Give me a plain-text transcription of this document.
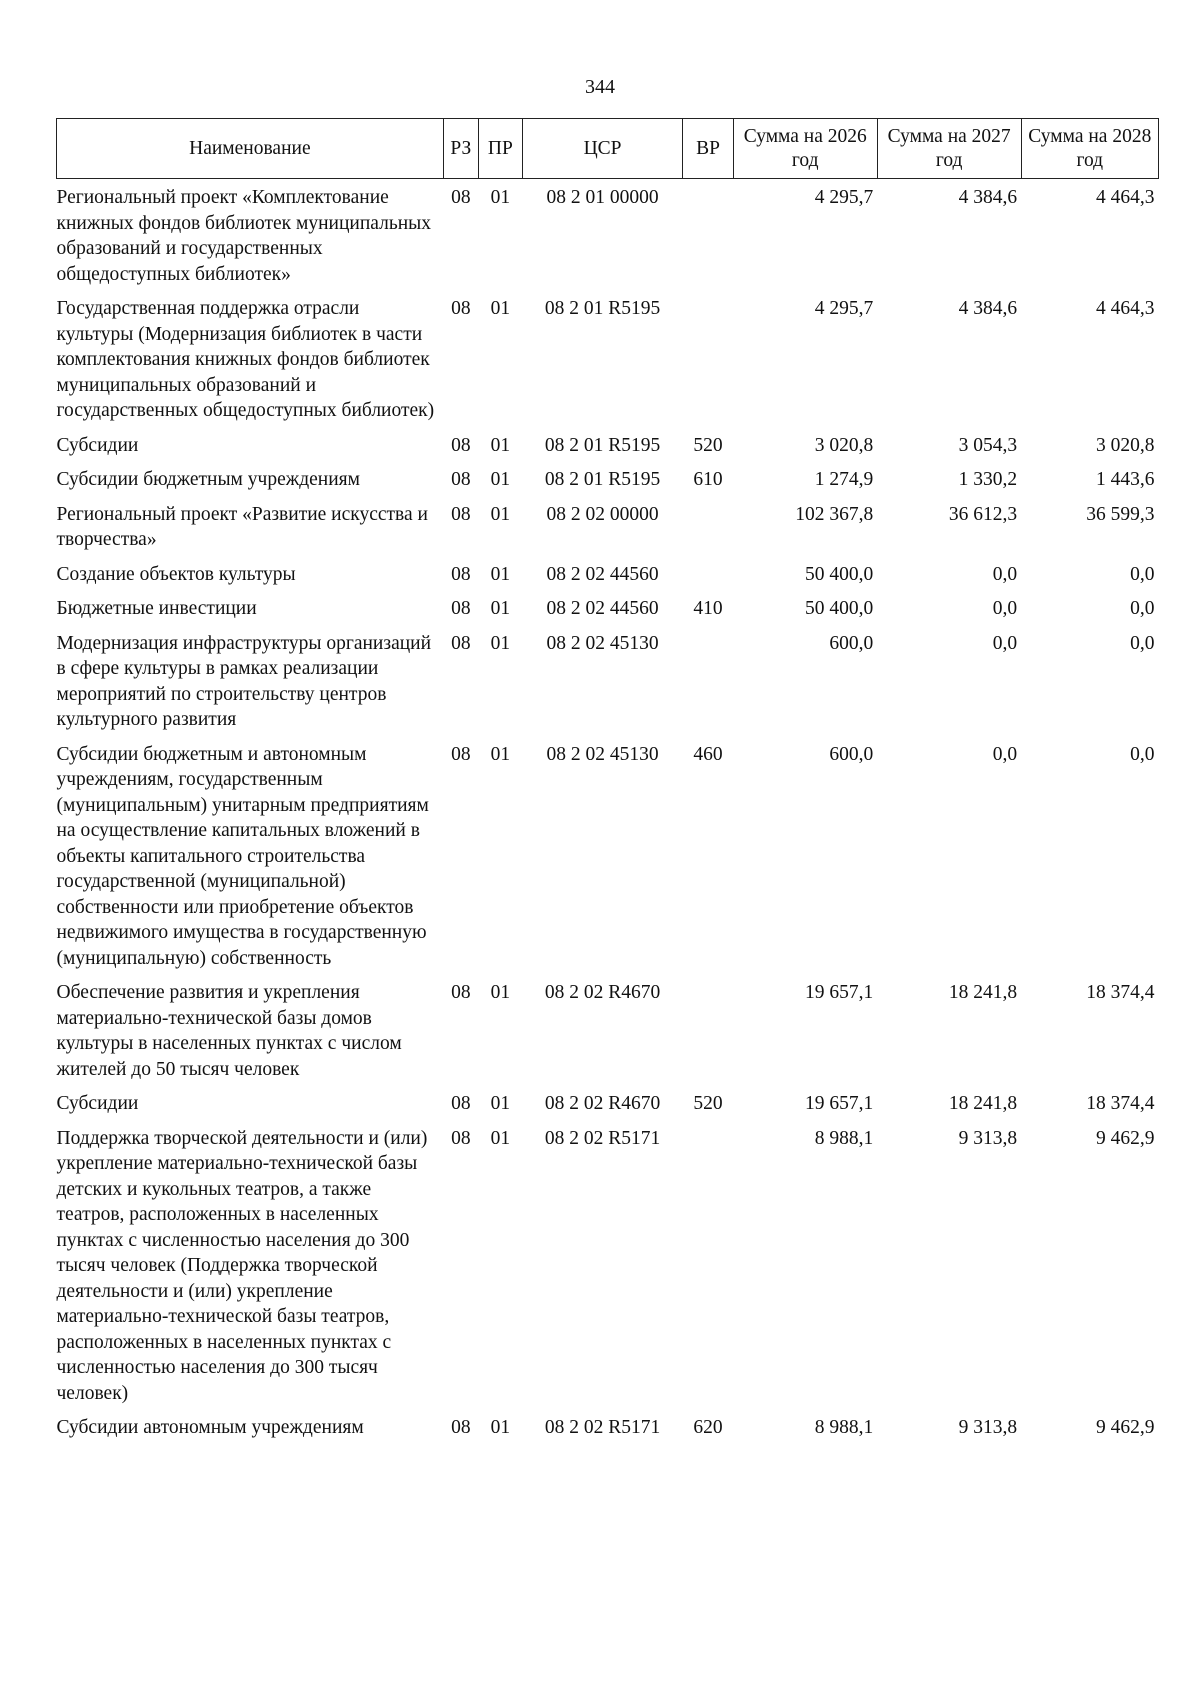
344
Наименование	РЗ	ПР	ЦСР	ВР	Сумма на 2026 год	Сумма на 2027 год	Сумма на 2028 год
Региональный проект «Комплектование книжных фондов библиотек муниципальных образований и государственных общедоступных библиотек»	08	01	08 2 01 00000		4 295,7	4 384,6	4 464,3
Государственная поддержка отрасли культуры (Модернизация библиотек в части комплектования книжных фондов библиотек муниципальных образований и государственных общедоступных библиотек)	08	01	08 2 01 R5195		4 295,7	4 384,6	4 464,3
Субсидии	08	01	08 2 01 R5195	520	3 020,8	3 054,3	3 020,8
Субсидии бюджетным учреждениям	08	01	08 2 01 R5195	610	1 274,9	1 330,2	1 443,6
Региональный проект «Развитие искусства и творчества»	08	01	08 2 02 00000		102 367,8	36 612,3	36 599,3
Создание объектов культуры	08	01	08 2 02 44560		50 400,0	0,0	0,0
Бюджетные инвестиции	08	01	08 2 02 44560	410	50 400,0	0,0	0,0
Модернизация инфраструктуры организаций в сфере культуры в рамках реализации мероприятий по строительству центров культурного развития	08	01	08 2 02 45130		600,0	0,0	0,0
Субсидии бюджетным и автономным учреждениям, государственным (муниципальным) унитарным предприятиям на осуществление капитальных вложений в объекты капитального строительства государственной (муниципальной) собственности или приобретение объектов недвижимого имущества в государственную (муниципальную) собственность	08	01	08 2 02 45130	460	600,0	0,0	0,0
Обеспечение развития и укрепления материально-технической базы домов культуры в населенных пунктах с числом жителей до 50 тысяч человек	08	01	08 2 02 R4670		19 657,1	18 241,8	18 374,4
Субсидии	08	01	08 2 02 R4670	520	19 657,1	18 241,8	18 374,4
Поддержка творческой деятельности и (или) укрепление материально-технической базы детских и кукольных театров, а также театров, расположенных в населенных пунктах с численностью населения до 300 тысяч человек (Поддержка творческой деятельности и (или) укрепление материально-технической базы театров, расположенных в населенных пунктах с численностью населения до 300 тысяч человек)	08	01	08 2 02 R5171		8 988,1	9 313,8	9 462,9
Субсидии автономным учреждениям	08	01	08 2 02 R5171	620	8 988,1	9 313,8	9 462,9
